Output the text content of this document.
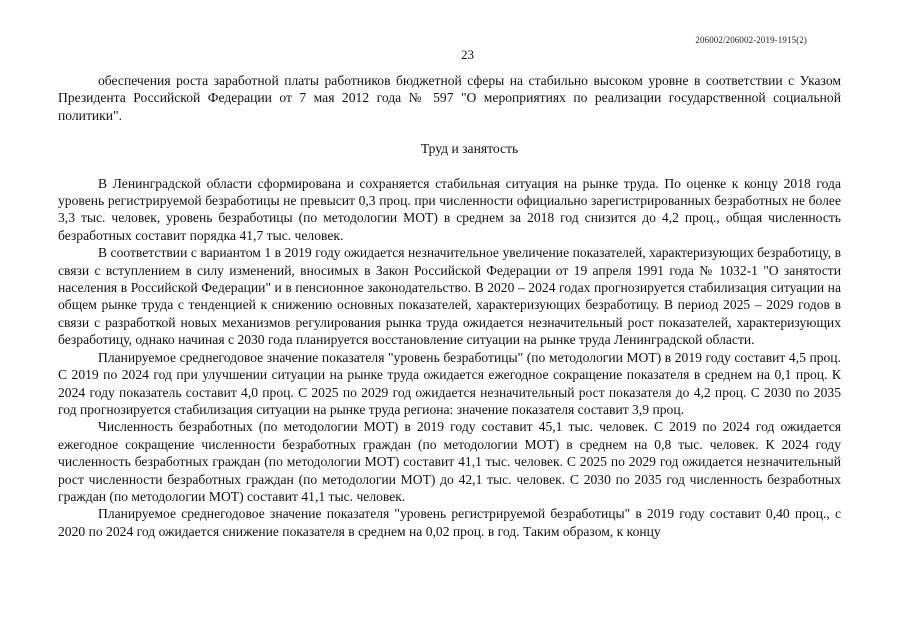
206002/206002-2019-1915(2)
23

обеспечения роста заработной платы работников бюджетной сферы на стабильно высоком уровне в соответствии с Указом Президента Российской Федерации от 7 мая 2012 года № 597 "О мероприятиях по реализации государственной социальной политики".

Труд и занятость

В Ленинградской области сформирована и сохраняется стабильная ситуация на рынке труда. По оценке к концу 2018 года уровень регистрируемой безработицы не превысит 0,3 проц. при численности официально зарегистрированных безработных не более 3,3 тыс. человек, уровень безработицы (по методологии МОТ) в среднем за 2018 год снизится до 4,2 проц., общая численность безработных составит порядка 41,7 тыс. человек.

В соответствии с вариантом 1 в 2019 году ожидается незначительное увеличение показателей, характеризующих безработицу, в связи с вступлением в силу изменений, вносимых в Закон Российской Федерации от 19 апреля 1991 года № 1032-1 "О занятости населения в Российской Федерации" и в пенсионное законодательство. В 2020 – 2024 годах прогнозируется стабилизация ситуации на общем рынке труда с тенденцией к снижению основных показателей, характеризующих безработицу. В период 2025 – 2029 годов в связи с разработкой новых механизмов регулирования рынка труда ожидается незначительный рост показателей, характеризующих безработицу, однако начиная с 2030 года планируется восстановление ситуации на рынке труда Ленинградской области.

Планируемое среднегодовое значение показателя "уровень безработицы" (по методологии МОТ) в 2019 году составит 4,5 проц. С 2019 по 2024 год при улучшении ситуации на рынке труда ожидается ежегодное сокращение показателя в среднем на 0,1 проц. К 2024 году показатель составит 4,0 проц. С 2025 по 2029 год ожидается незначительный рост показателя до 4,2 проц. С 2030 по 2035 год прогнозируется стабилизация ситуации на рынке труда региона: значение показателя составит 3,9 проц.

Численность безработных (по методологии МОТ) в 2019 году составит 45,1 тыс. человек. С 2019 по 2024 год ожидается ежегодное сокращение численности безработных граждан (по методологии МОТ) в среднем на 0,8 тыс. человек. К 2024 году численность безработных граждан (по методологии МОТ) составит 41,1 тыс. человек. С 2025 по 2029 год ожидается незначительный рост численности безработных граждан (по методологии МОТ) до 42,1 тыс. человек. С 2030 по 2035 год численность безработных граждан (по методологии МОТ) составит 41,1 тыс. человек.

Планируемое среднегодовое значение показателя "уровень регистрируемой безработицы" в 2019 году составит 0,40 проц., с 2020 по 2024 год ожидается снижение показателя в среднем на 0,02 проц. в год. Таким образом, к концу
